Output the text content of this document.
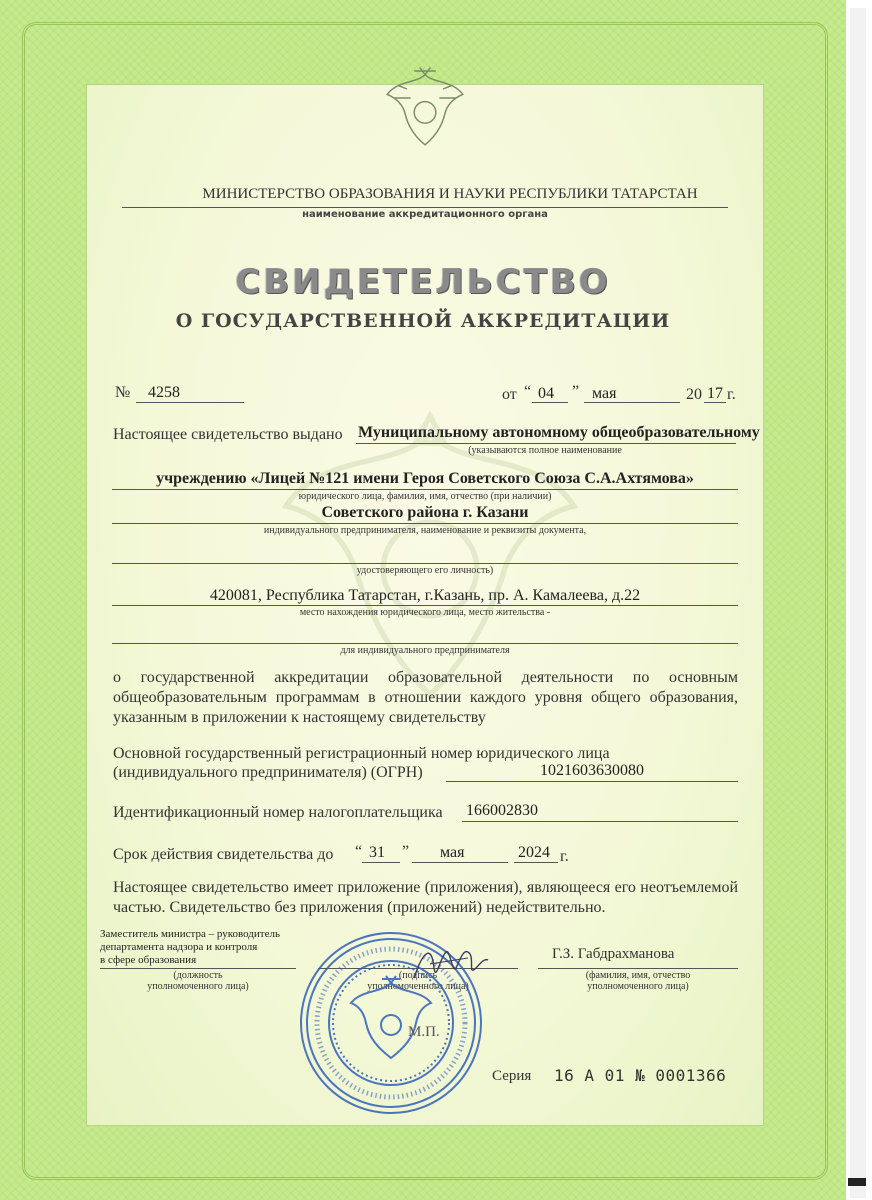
МИНИСТЕРСТВО ОБРАЗОВАНИЯ И НАУКИ РЕСПУБЛИКИ ТАТАРСТАН
наименование аккредитационного органа
СВИДЕТЕЛЬСТВО
О ГОСУДАРСТВЕННОЙ АККРЕДИТАЦИИ
№ 4258	от “ 04 ” мая	20 17 г.
Настоящее свидетельство выдано Муниципальному автономному общеобразовательному
(указываются полное наименование
учреждению «Лицей №121 имени Героя Советского Союза С.А.Ахтямова»
юридического лица, фамилия, имя, отчество (при наличии)
Советского района г. Казани
индивидуального предпринимателя, наименование и реквизиты документа,
удостоверяющего его личность)
420081, Республика Татарстан, г.Казань, пр. А. Камалеева, д.22
место нахождения юридического лица, место жительства -
для индивидуального предпринимателя
о государственной аккредитации образовательной деятельности по основным общеобразовательным программам в отношении каждого уровня общего образования, указанным в приложении к настоящему свидетельству
Основной государственный регистрационный номер юридического лица
(индивидуального предпринимателя) (ОГРН)	1021603630080
Идентификационный номер налогоплательщика 166002830
Срок действия свидетельства до “ 31 ” мая	2024 г.
Настоящее свидетельство имеет приложение (приложения), являющееся его неотъемлемой частью. Свидетельство без приложения (приложений) недействительно.
Заместитель министра – руководитель
департамента надзора и контроля
в сфере образования
(должность
уполномоченного лица)
(подпись
уполномоченного лица)
Г.З. Габдрахманова
(фамилия, имя, отчество
уполномоченного лица)
М.П.
Серия 16 А 01 № 0001366
